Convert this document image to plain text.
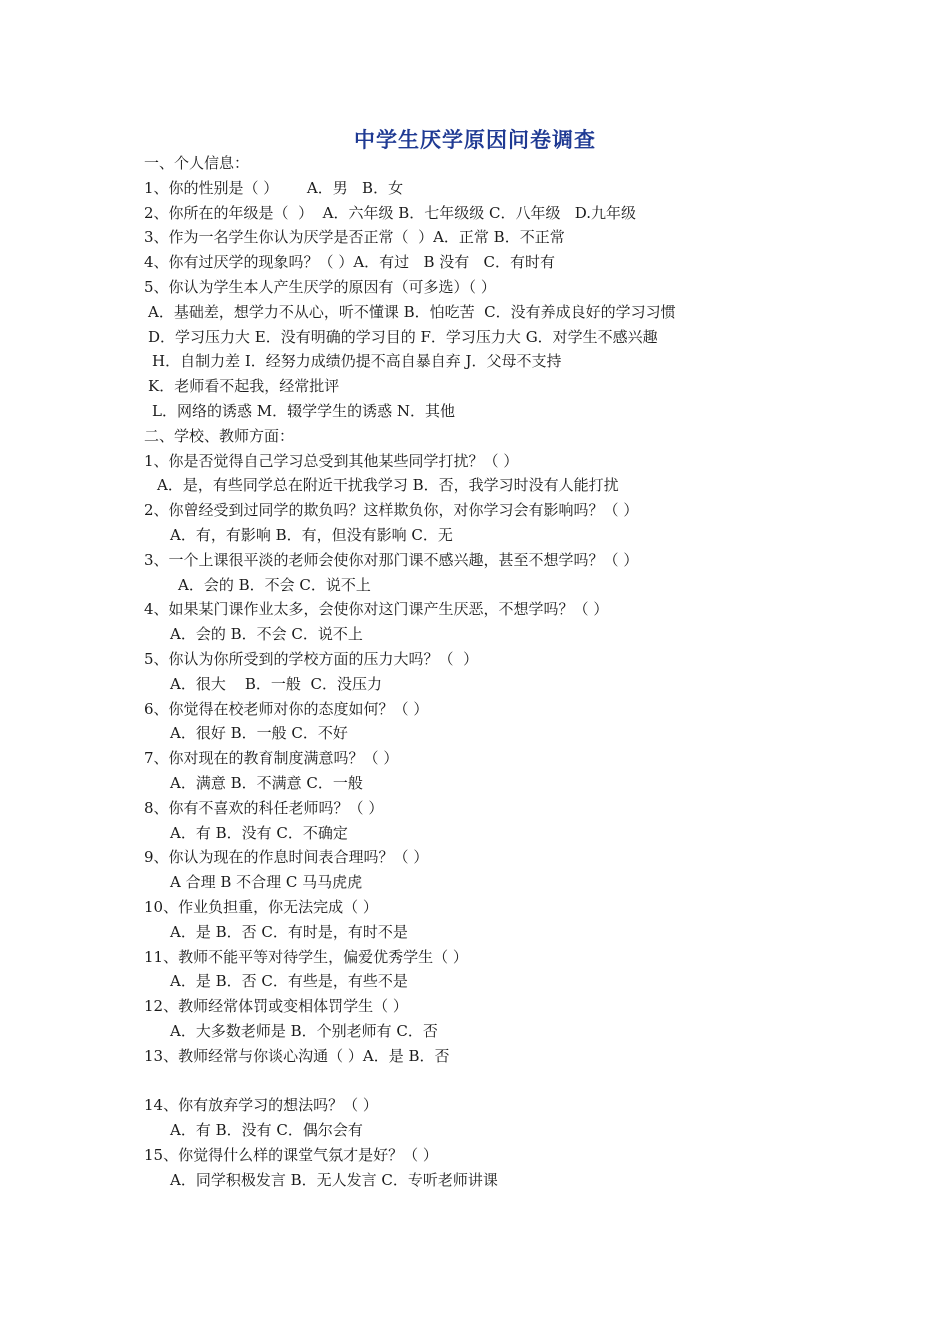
中学生厌学原因问卷调查
一、个人信息：
1、你的性别是（ ）      A．男   B．女
2、你所在的年级是（  ）  A．六年级 B．七年级级 C．八年级   D.九年级
3、作为一名学生你认为厌学是否正常（  ）A．正常 B．不正常
4、你有过厌学的现象吗？（ ）A．有过   B 没有   C．有时有
5、你认为学生本人产生厌学的原因有（可多选）（ ）
A．基础差，想学力不从心，听不懂课 B．怕吃苦  C．没有养成良好的学习习惯
D．学习压力大 E．没有明确的学习目的 F．学习压力大 G．对学生不感兴趣
H．自制力差 I．经努力成绩仍提不高自暴自弃 J．父母不支持
K．老师看不起我，经常批评
L．网络的诱惑 M．辍学学生的诱惑 N．其他
二、学校、教师方面：
1、你是否觉得自己学习总受到其他某些同学打扰？（ ）
A．是，有些同学总在附近干扰我学习 B．否，我学习时没有人能打扰
2、你曾经受到过同学的欺负吗？这样欺负你，对你学习会有影响吗？（ ）
A．有，有影响 B．有，但没有影响 C．无
3、一个上课很平淡的老师会使你对那门课不感兴趣，甚至不想学吗？（ ）
A．会的 B．不会 C．说不上
4、如果某门课作业太多，会使你对这门课产生厌恶，不想学吗？（ ）
A．会的 B．不会 C．说不上
5、你认为你所受到的学校方面的压力大吗？（  ）
A．很大    B．一般  C．没压力
6、你觉得在校老师对你的态度如何？（ ）
A．很好 B．一般 C．不好
7、你对现在的教育制度满意吗？（ ）
A．满意 B．不满意 C．一般
8、你有不喜欢的科任老师吗？（ ）
A．有 B．没有 C．不确定
9、你认为现在的作息时间表合理吗？（ ）
A 合理 B 不合理 C 马马虎虎
10、作业负担重，你无法完成（ ）
A．是 B．否 C．有时是，有时不是
11、教师不能平等对待学生，偏爱优秀学生（ ）
A．是 B．否 C．有些是，有些不是
12、教师经常体罚或变相体罚学生（ ）
A．大多数老师是 B．个别老师有 C．否
13、教师经常与你谈心沟通（ ）A．是 B．否
14、你有放弃学习的想法吗？（ ）
A．有 B．没有 C．偶尔会有
15、你觉得什么样的课堂气氛才是好？（ ）
A．同学积极发言 B．无人发言 C．专听老师讲课
